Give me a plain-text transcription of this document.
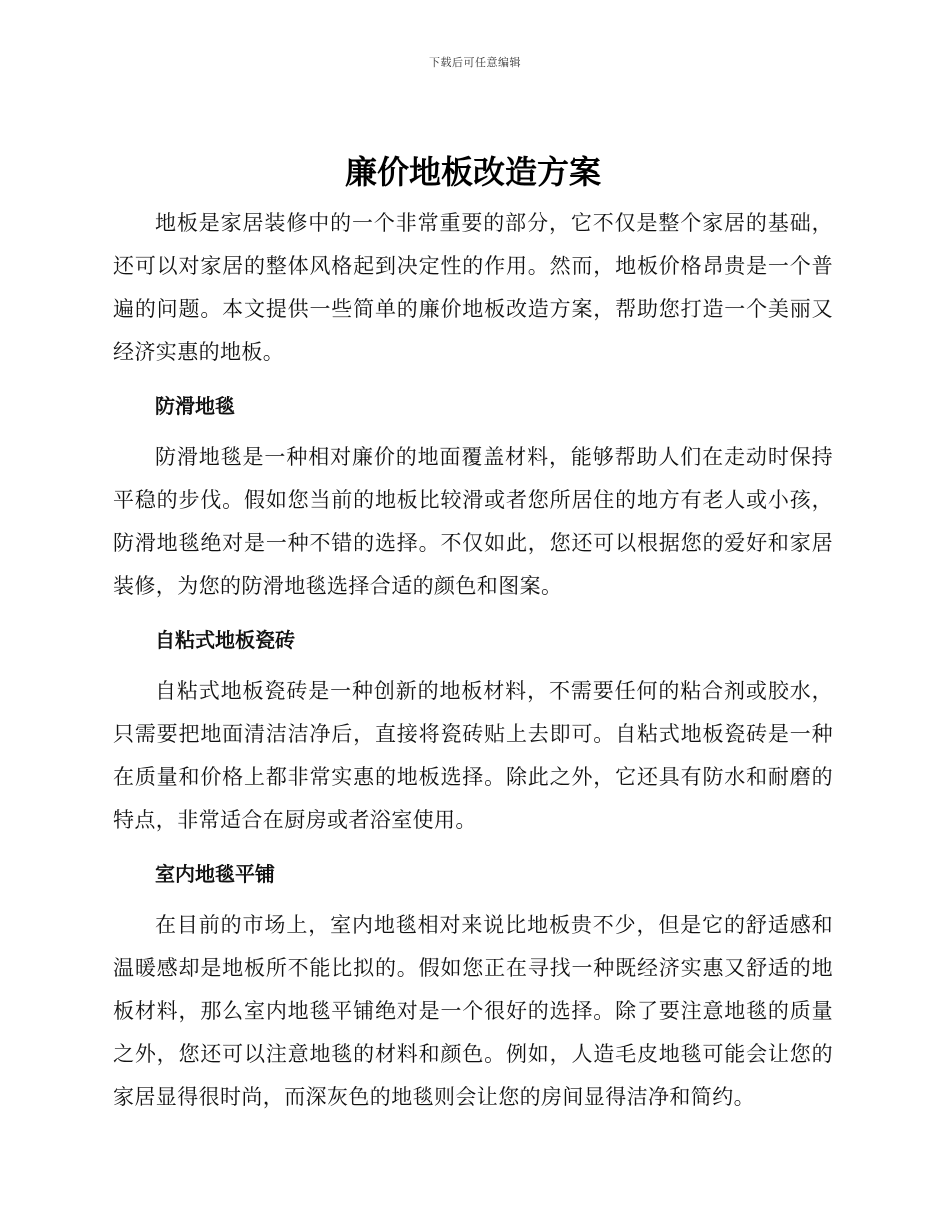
下载后可任意编辑
廉价地板改造方案

地板是家居装修中的一个非常重要的部分，它不仅是整个家居的基础，还可以对家居的整体风格起到决定性的作用。然而，地板价格昂贵是一个普遍的问题。本文提供一些简单的廉价地板改造方案，帮助您打造一个美丽又经济实惠的地板。

防滑地毯

防滑地毯是一种相对廉价的地面覆盖材料，能够帮助人们在走动时保持平稳的步伐。假如您当前的地板比较滑或者您所居住的地方有老人或小孩，防滑地毯绝对是一种不错的选择。不仅如此，您还可以根据您的爱好和家居装修，为您的防滑地毯选择合适的颜色和图案。

自粘式地板瓷砖

自粘式地板瓷砖是一种创新的地板材料，不需要任何的粘合剂或胶水，只需要把地面清洁洁净后，直接将瓷砖贴上去即可。自粘式地板瓷砖是一种在质量和价格上都非常实惠的地板选择。除此之外，它还具有防水和耐磨的特点，非常适合在厨房或者浴室使用。

室内地毯平铺

在目前的市场上，室内地毯相对来说比地板贵不少，但是它的舒适感和温暖感却是地板所不能比拟的。假如您正在寻找一种既经济实惠又舒适的地板材料，那么室内地毯平铺绝对是一个很好的选择。除了要注意地毯的质量之外，您还可以注意地毯的材料和颜色。例如，人造毛皮地毯可能会让您的家居显得很时尚，而深灰色的地毯则会让您的房间显得洁净和简约。
